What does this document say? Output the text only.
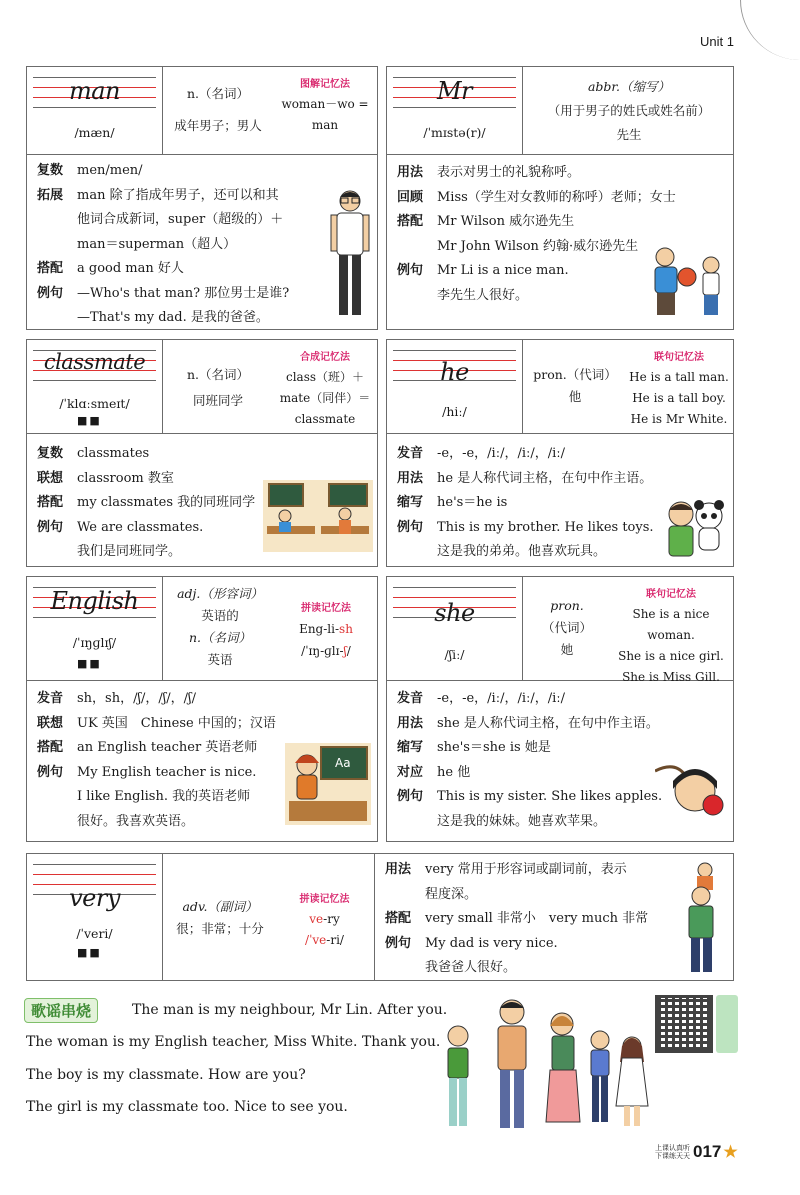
Unit 1
man
/mæn/
n.（名词）
成年男子；男人
图解记忆法
woman－wo =
man
复数	men/men/
拓展	man 除了指成年男子，还可以和其
他词合成新词，super（超级的）＋
man＝superman（超人）
搭配	a good man 好人
例句	—Who's that man? 那位男士是谁?
—That's my dad. 是我的爸爸。
Mr
/ˈmɪstə(r)/
abbr.（缩写）
（用于男子的姓氏或姓名前）
先生
用法	表示对男士的礼貌称呼。
回顾	Miss（学生对女教师的称呼）老师；女士
搭配	Mr Wilson 威尔逊先生
Mr John Wilson 约翰·威尔逊先生
例句	Mr Li is a nice man.
李先生人很好。
classmate
/ˈklɑːsmeɪt/
■■
n.（名词）
同班同学
合成记忆法
class（班）＋
mate（同伴）＝
classmate
复数	classmates
联想	classroom 教室
搭配	my classmates 我的同班同学
例句	We are classmates.
我们是同班同学。
he
/hiː/
pron.（代词）
他
联句记忆法
He is a tall man.
He is a tall boy.
He is Mr White.
发音	-e，-e，/iː/，/iː/，/iː/
用法	he 是人称代词主格，在句中作主语。
缩写	he's＝he is
例句	This is my brother. He likes toys.
这是我的弟弟。他喜欢玩具。
English
/ˈɪŋɡlɪʃ/
■■
adj.（形容词）
英语的
n.（名词）
英语
拼读记忆法
Eng-li-sh
/ˈɪŋ-ɡlɪ-ʃ/
发音	sh，sh，/ʃ/，/ʃ/，/ʃ/
联想	UK 英国　Chinese 中国的；汉语
搭配	an English teacher 英语老师
例句	My English teacher is nice.
I like English. 我的英语老师
很好。我喜欢英语。
Aa
she
/ʃiː/
pron.
（代词）
她
联句记忆法
She is a nice woman.
She is a nice girl.
She is Miss Gill.
发音	-e，-e，/iː/，/iː/，/iː/
用法	she 是人称代词主格，在句中作主语。
缩写	she's＝she is 她是
对应	he 他
例句	This is my sister. She likes apples.
这是我的妹妹。她喜欢苹果。
very
/ˈveri/
■■
adv.（副词）
很；非常；十分
拼读记忆法
ve-ry
/ˈve-ri/
用法	very 常用于形容词或副词前，表示
程度深。
搭配	very small 非常小　very much 非常
例句	My dad is very nice.
我爸爸人很好。
歌谣串烧	The man is my neighbour, Mr Lin. After you.
The woman is my English teacher, Miss White. Thank you.
The boy is my classmate. How are you?
The girl is my classmate too. Nice to see you.
上课认真听
下课练天天 017 ★
